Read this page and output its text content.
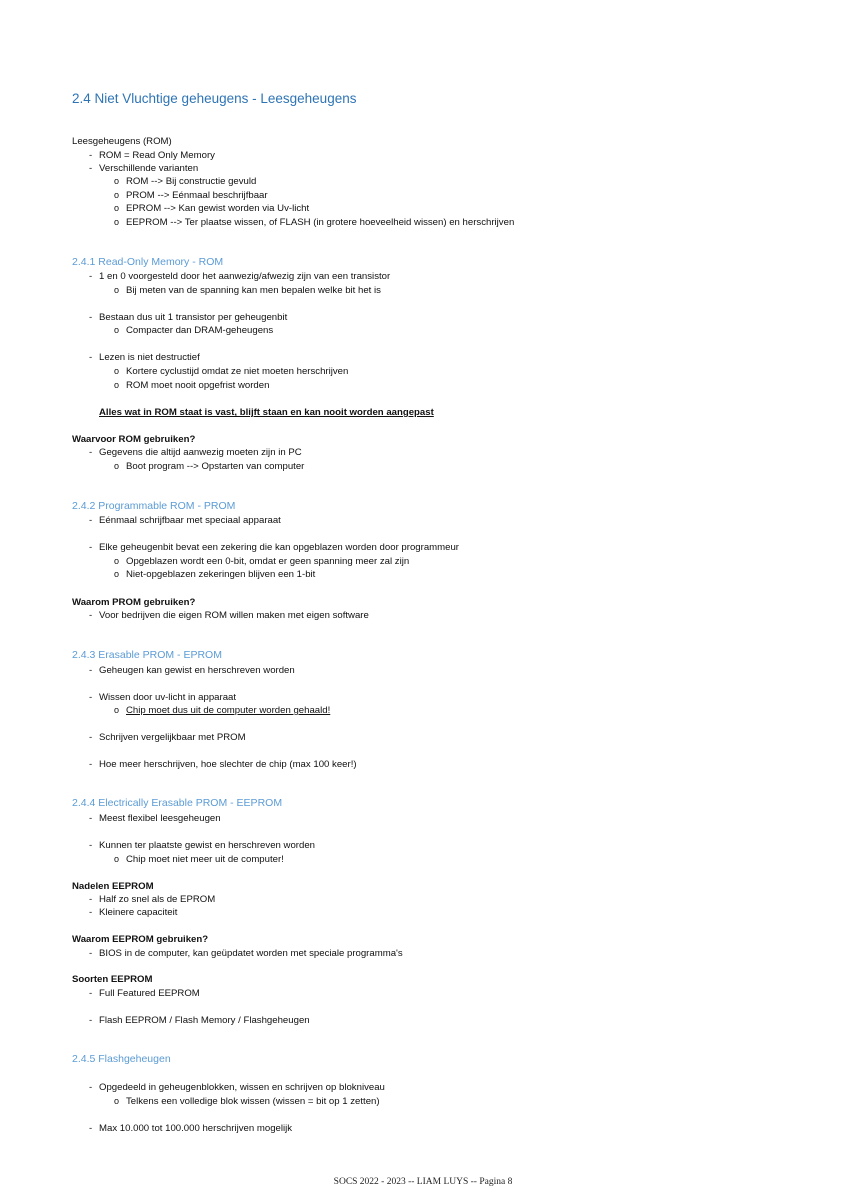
2.4 Niet Vluchtige geheugens - Leesgeheugens
Leesgeheugens (ROM)
- ROM = Read Only Memory
- Verschillende varianten
o ROM --> Bij constructie gevuld
o PROM --> Eénmaal beschrijfbaar
o EPROM --> Kan gewist worden via Uv-licht
o EEPROM --> Ter plaatse wissen, of FLASH (in grotere hoeveelheid wissen) en herschrijven
2.4.1 Read-Only Memory - ROM
- 1 en 0 voorgesteld door het aanwezig/afwezig zijn van een transistor
o Bij meten van de spanning kan men bepalen welke bit het is
- Bestaan dus uit 1 transistor per geheugenbit
o Compacter dan DRAM-geheugens
- Lezen is niet destructief
o Kortere cyclustijd omdat ze niet moeten herschrijven
o ROM moet nooit opgefrist worden
Alles wat in ROM staat is vast, blijft staan en kan nooit worden aangepast
Waarvoor ROM gebruiken?
- Gegevens die altijd aanwezig moeten zijn in PC
o Boot program --> Opstarten van computer
2.4.2 Programmable ROM - PROM
- Eénmaal schrijfbaar met speciaal apparaat
- Elke geheugenbit bevat een zekering die kan opgeblazen worden door programmeur
o Opgeblazen wordt een 0-bit, omdat er geen spanning meer zal zijn
o Niet-opgeblazen zekeringen blijven een 1-bit
Waarom PROM gebruiken?
- Voor bedrijven die eigen ROM willen maken met eigen software
2.4.3 Erasable PROM - EPROM
- Geheugen kan gewist en herschreven worden
- Wissen door uv-licht in apparaat
o Chip moet dus uit de computer worden gehaald!
- Schrijven vergelijkbaar met PROM
- Hoe meer herschrijven, hoe slechter de chip (max 100 keer!)
2.4.4 Electrically Erasable PROM - EEPROM
- Meest flexibel leesgeheugen
- Kunnen ter plaatste gewist en herschreven worden
o Chip moet niet meer uit de computer!
Nadelen EEPROM
- Half zo snel als de EPROM
- Kleinere capaciteit
Waarom EEPROM gebruiken?
- BIOS in de computer, kan geüpdatet worden met speciale programma's
Soorten EEPROM
- Full Featured EEPROM
- Flash EEPROM / Flash Memory / Flashgeheugen
2.4.5 Flashgeheugen
- Opgedeeld in geheugenblokken, wissen en schrijven op blokniveau
o Telkens een volledige blok wissen (wissen = bit op 1 zetten)
- Max 10.000 tot 100.000 herschrijven mogelijk
SOCS 2022 - 2023 -- LIAM LUYS -- Pagina 8
